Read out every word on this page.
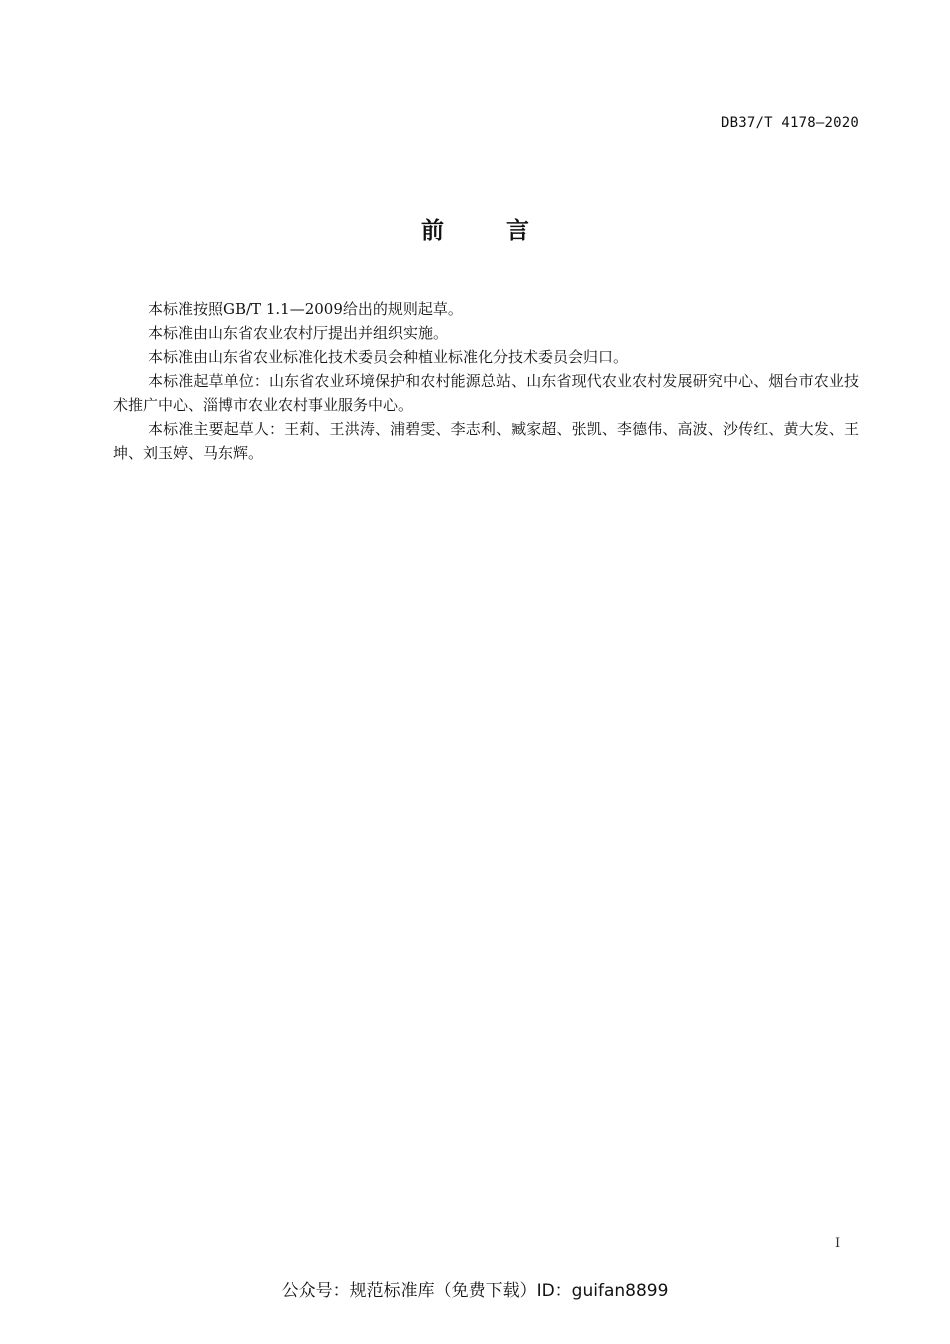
DB37/T 4178—2020
前	言

本标准按照GB/T 1.1—2009给出的规则起草。

本标准由山东省农业农村厅提出并组织实施。

本标准由山东省农业标准化技术委员会种植业标准化分技术委员会归口。

本标准起草单位：山东省农业环境保护和农村能源总站、山东省现代农业农村发展研究中心、烟台市农业技术推广中心、淄博市农业农村事业服务中心。

本标准主要起草人：王莉、王洪涛、浦碧雯、李志利、臧家超、张凯、李德伟、高波、沙传红、黄大发、王坤、刘玉婷、马东辉。

I
公众号：规范标准库（免费下载）ID：guifan8899
